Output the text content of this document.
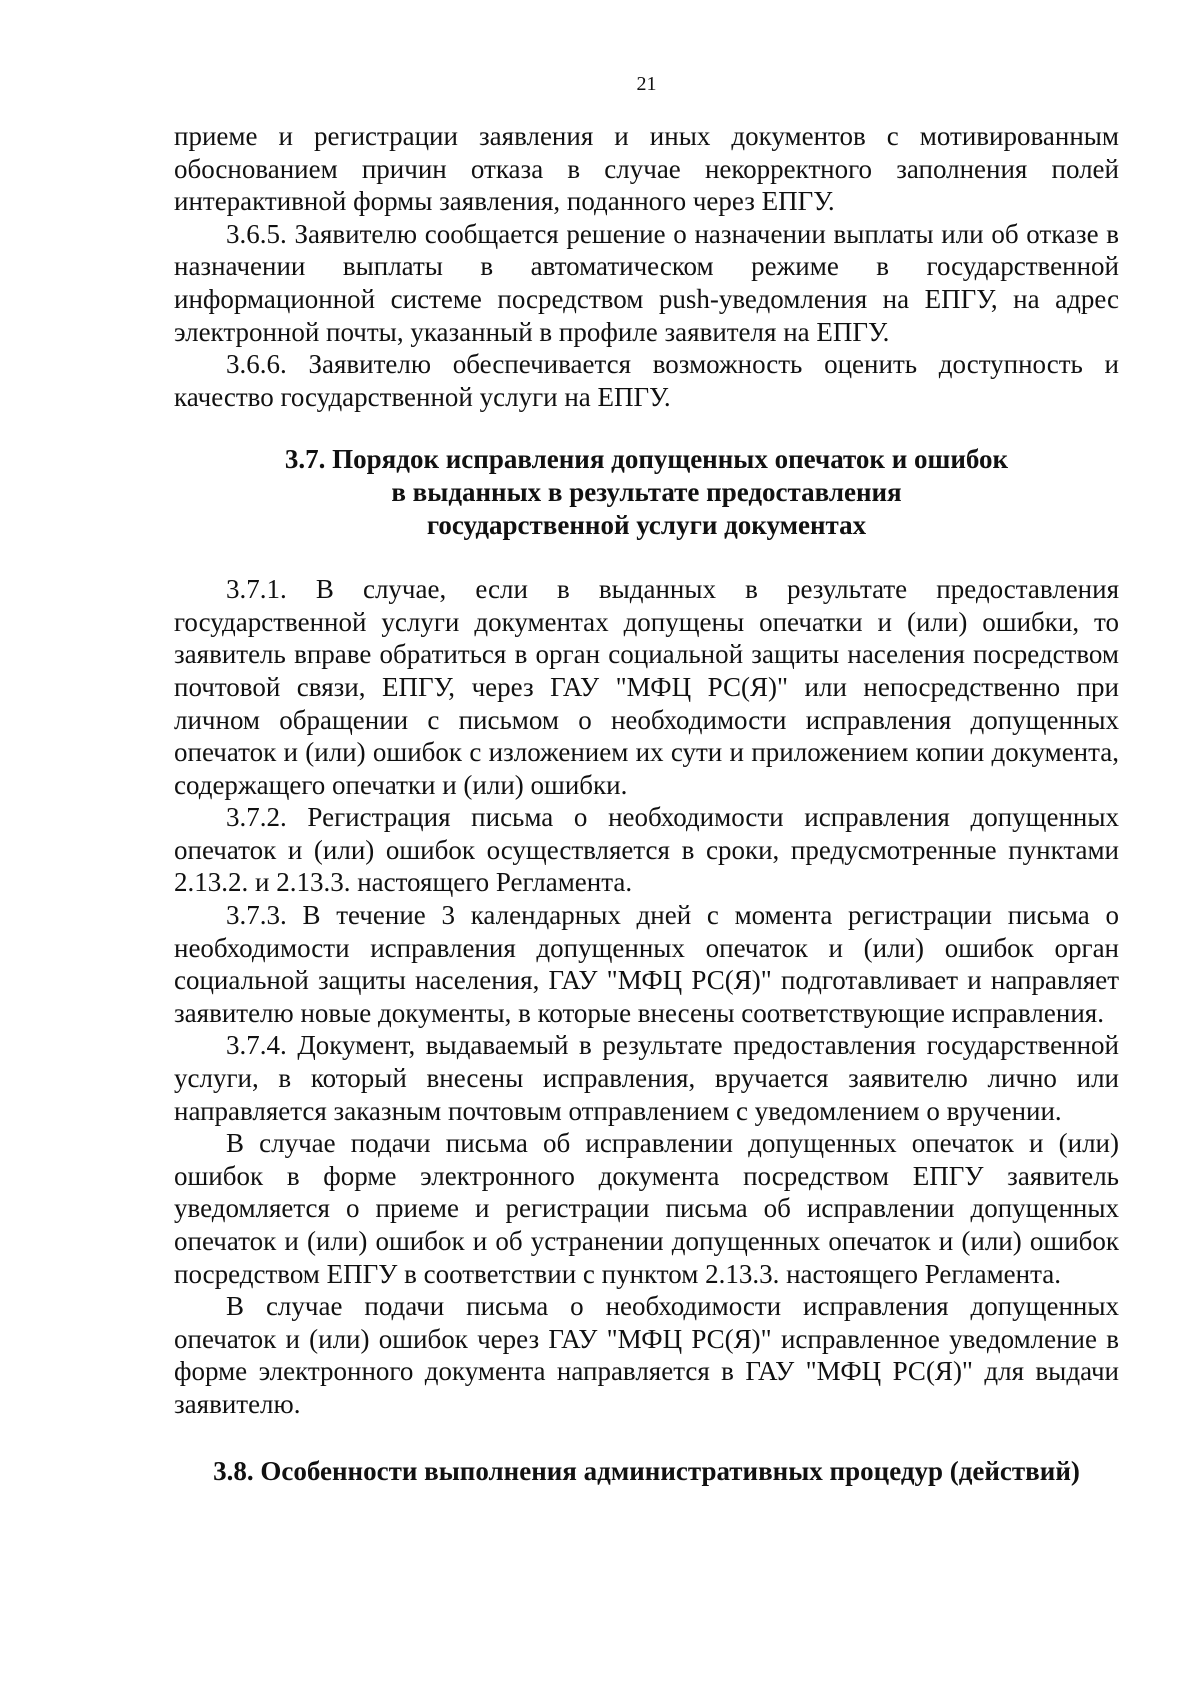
21

приеме и регистрации заявления и иных документов с мотивированным обоснованием причин отказа в случае некорректного заполнения полей интерактивной формы заявления, поданного через ЕПГУ.

3.6.5. Заявителю сообщается решение о назначении выплаты или об отказе в назначении выплаты в автоматическом режиме в государственной информационной системе посредством push-уведомления на ЕПГУ, на адрес электронной почты, указанный в профиле заявителя на ЕПГУ.

3.6.6. Заявителю обеспечивается возможность оценить доступность и качество государственной услуги на ЕПГУ.

3.7. Порядок исправления допущенных опечаток и ошибок

в выданных в результате предоставления

государственной услуги документах

3.7.1. В случае, если в выданных в результате предоставления государственной услуги документах допущены опечатки и (или) ошибки, то заявитель вправе обратиться в орган социальной защиты населения посредством почтовой связи, ЕПГУ, через ГАУ "МФЦ РС(Я)" или непосредственно при личном обращении с письмом о необходимости исправления допущенных опечаток и (или) ошибок с изложением их сути и приложением копии документа, содержащего опечатки и (или) ошибки.

3.7.2. Регистрация письма о необходимости исправления допущенных опечаток и (или) ошибок осуществляется в сроки, предусмотренные пунктами 2.13.2. и 2.13.3. настоящего Регламента.

3.7.3. В течение 3 календарных дней с момента регистрации письма о необходимости исправления допущенных опечаток и (или) ошибок орган социальной защиты населения, ГАУ "МФЦ РС(Я)" подготавливает и направляет заявителю новые документы, в которые внесены соответствующие исправления.

3.7.4. Документ, выдаваемый в результате предоставления государственной услуги, в который внесены исправления, вручается заявителю лично или направляется заказным почтовым отправлением с уведомлением о вручении.

В случае подачи письма об исправлении допущенных опечаток и (или) ошибок в форме электронного документа посредством ЕПГУ заявитель уведомляется о приеме и регистрации письма об исправлении допущенных опечаток и (или) ошибок и об устранении допущенных опечаток и (или) ошибок посредством ЕПГУ в соответствии с пунктом 2.13.3. настоящего Регламента.

В случае подачи письма о необходимости исправления допущенных опечаток и (или) ошибок через ГАУ "МФЦ РС(Я)" исправленное уведомление в форме электронного документа направляется в ГАУ "МФЦ РС(Я)" для выдачи заявителю.

3.8. Особенности выполнения административных процедур (действий)
